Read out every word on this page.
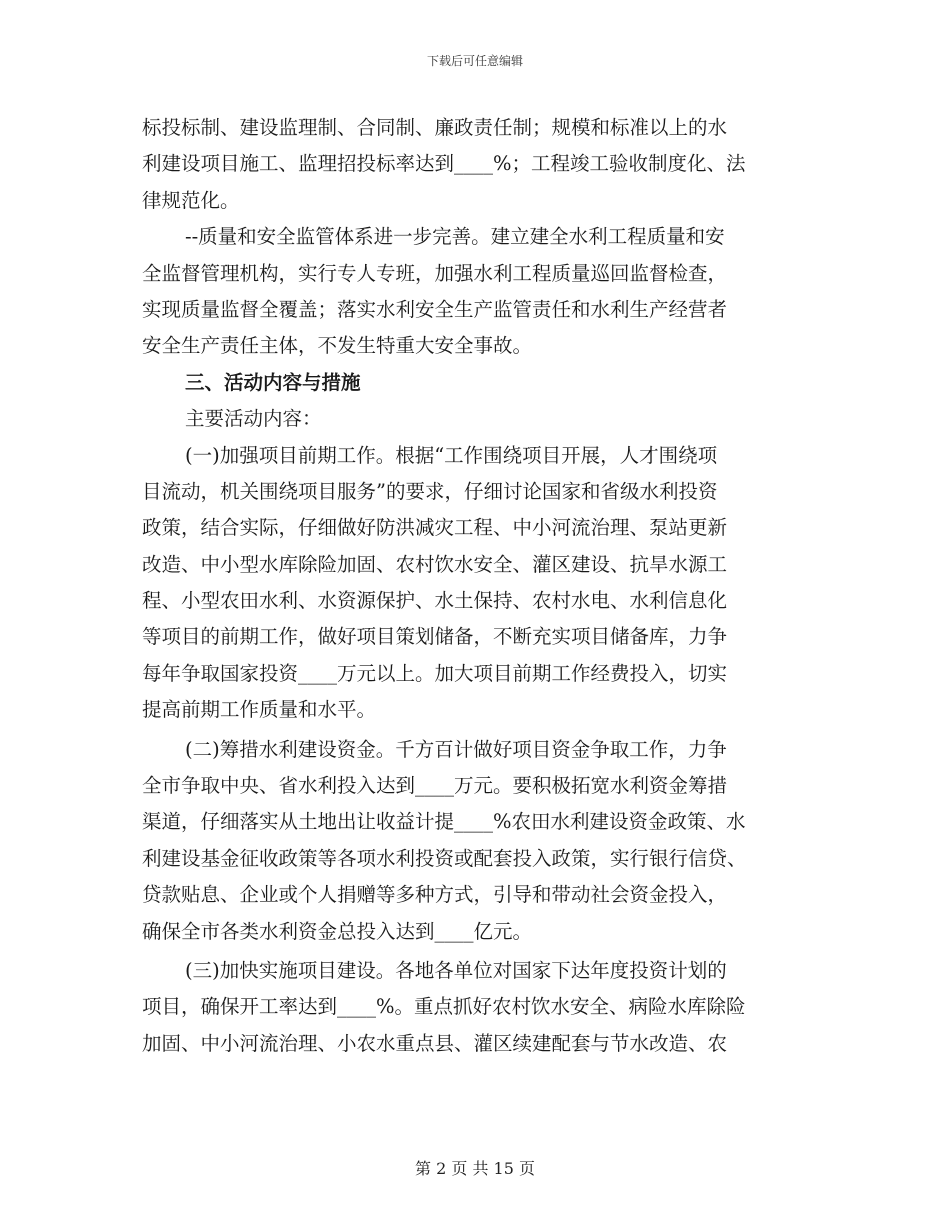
下载后可任意编辑
标投标制、建设监理制、合同制、廉政责任制；规模和标准以上的水
利建设项目施工、监理招投标率达到____%；工程竣工验收制度化、法
律规范化。
--质量和安全监管体系进一步完善。建立建全水利工程质量和安
全监督管理机构，实行专人专班，加强水利工程质量巡回监督检查，
实现质量监督全覆盖；落实水利安全生产监管责任和水利生产经营者
安全生产责任主体，不发生特重大安全事故。
三、活动内容与措施
主要活动内容：
(一)加强项目前期工作。根据“工作围绕项目开展，人才围绕项
目流动，机关围绕项目服务”的要求，仔细讨论国家和省级水利投资
政策，结合实际，仔细做好防洪减灾工程、中小河流治理、泵站更新
改造、中小型水库除险加固、农村饮水安全、灌区建设、抗旱水源工
程、小型农田水利、水资源保护、水土保持、农村水电、水利信息化
等项目的前期工作，做好项目策划储备，不断充实项目储备库，力争
每年争取国家投资____万元以上。加大项目前期工作经费投入，切实
提高前期工作质量和水平。
(二)筹措水利建设资金。千方百计做好项目资金争取工作，力争
全市争取中央、省水利投入达到____万元。要积极拓宽水利资金筹措
渠道，仔细落实从土地出让收益计提____%农田水利建设资金政策、水
利建设基金征收政策等各项水利投资或配套投入政策，实行银行信贷、
贷款贴息、企业或个人捐赠等多种方式，引导和带动社会资金投入，
确保全市各类水利资金总投入达到____亿元。
(三)加快实施项目建设。各地各单位对国家下达年度投资计划的
项目，确保开工率达到____%。重点抓好农村饮水安全、病险水库除险
加固、中小河流治理、小农水重点县、灌区续建配套与节水改造、农
第 2 页 共 15 页
